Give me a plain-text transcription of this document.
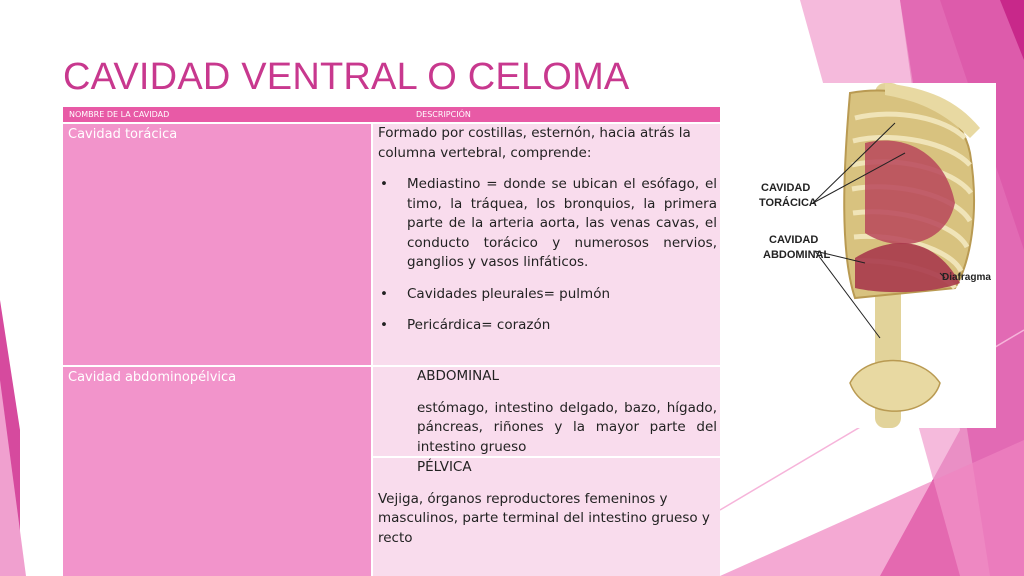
CAVIDAD VENTRAL O CELOMA
NOMBRE DE LA CAVIDAD	DESCRIPCIÓN
Cavidad torácica	Formado por costillas, esternón, hacia atrás la columna vertebral, comprende:

• Mediastino = donde se ubican el esófago, el timo, la tráquea, los bronquios, la primera parte de la arteria aorta, las venas cavas, el conducto torácico y numerosos nervios, ganglios y vasos linfáticos.
• Cavidades pleurales= pulmón
• Pericárdica= corazón
Cavidad abdominopélvica	ABDOMINAL

estómago, intestino delgado, bazo, hígado, páncreas, riñones y la mayor parte del intestino grueso

PÉLVICA

Vejiga, órganos reproductores femeninos y masculinos, parte terminal del intestino grueso y recto

CAVIDAD
TORÁCICA
CAVIDAD
ABDOMINAL
Diafragma
